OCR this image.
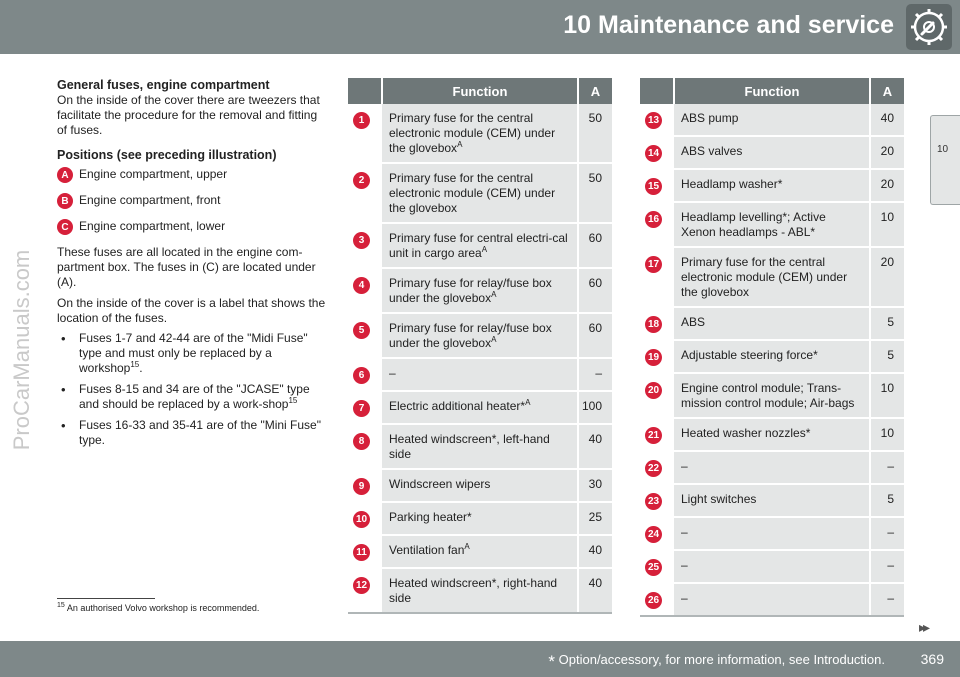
10 Maintenance and service
10
ProCarManuals.com
General fuses, engine compartment
On the inside of the cover there are tweezers that facilitate the procedure for the removal and fitting of fuses.
Positions (see preceding illustration)
A Engine compartment, upper
B Engine compartment, front
C Engine compartment, lower
These fuses are all located in the engine com-partment box. The fuses in (C) are located under (A).
On the inside of the cover is a label that shows the location of the fuses.
• Fuses 1-7 and 42-44 are of the "Midi Fuse" type and must only be replaced by a workshop$^{15}$.
• Fuses 8-15 and 34 are of the "JCASE" type and should be replaced by a work-shop$^{15}$
• Fuses 16-33 and 35-41 are of the "Mini Fuse" type.
	Function	A
1	Primary fuse for the central electronic module (CEM) under the glovebox$^A$	50
2	Primary fuse for the central electronic module (CEM) under the glovebox	50
3	Primary fuse for central electri-cal unit in cargo area$^A$	60
4	Primary fuse for relay/fuse box under the glovebox$^A$	60
5	Primary fuse for relay/fuse box under the glovebox$^A$	60
6	–	–
7	Electric additional heater*$^A$	100
8	Heated windscreen*, left-hand side	40
9	Windscreen wipers	30
10	Parking heater*	25
11	Ventilation fan$^A$	40
12	Heated windscreen*, right-hand side	40
	Function	A
13	ABS pump	40
14	ABS valves	20
15	Headlamp washer*	20
16	Headlamp levelling*; Active Xenon headlamps - ABL*	10
17	Primary fuse for the central electronic module (CEM) under the glovebox	20
18	ABS	5
19	Adjustable steering force*	5
20	Engine control module; Trans-mission control module; Air-bags	10
21	Heated washer nozzles*	10
22	–	–
23	Light switches	5
24	–	–
25	–	–
26	–	–
$^{15}$ An authorised Volvo workshop is recommended.
▸▸
* Option/accessory, for more information, see Introduction.	369
